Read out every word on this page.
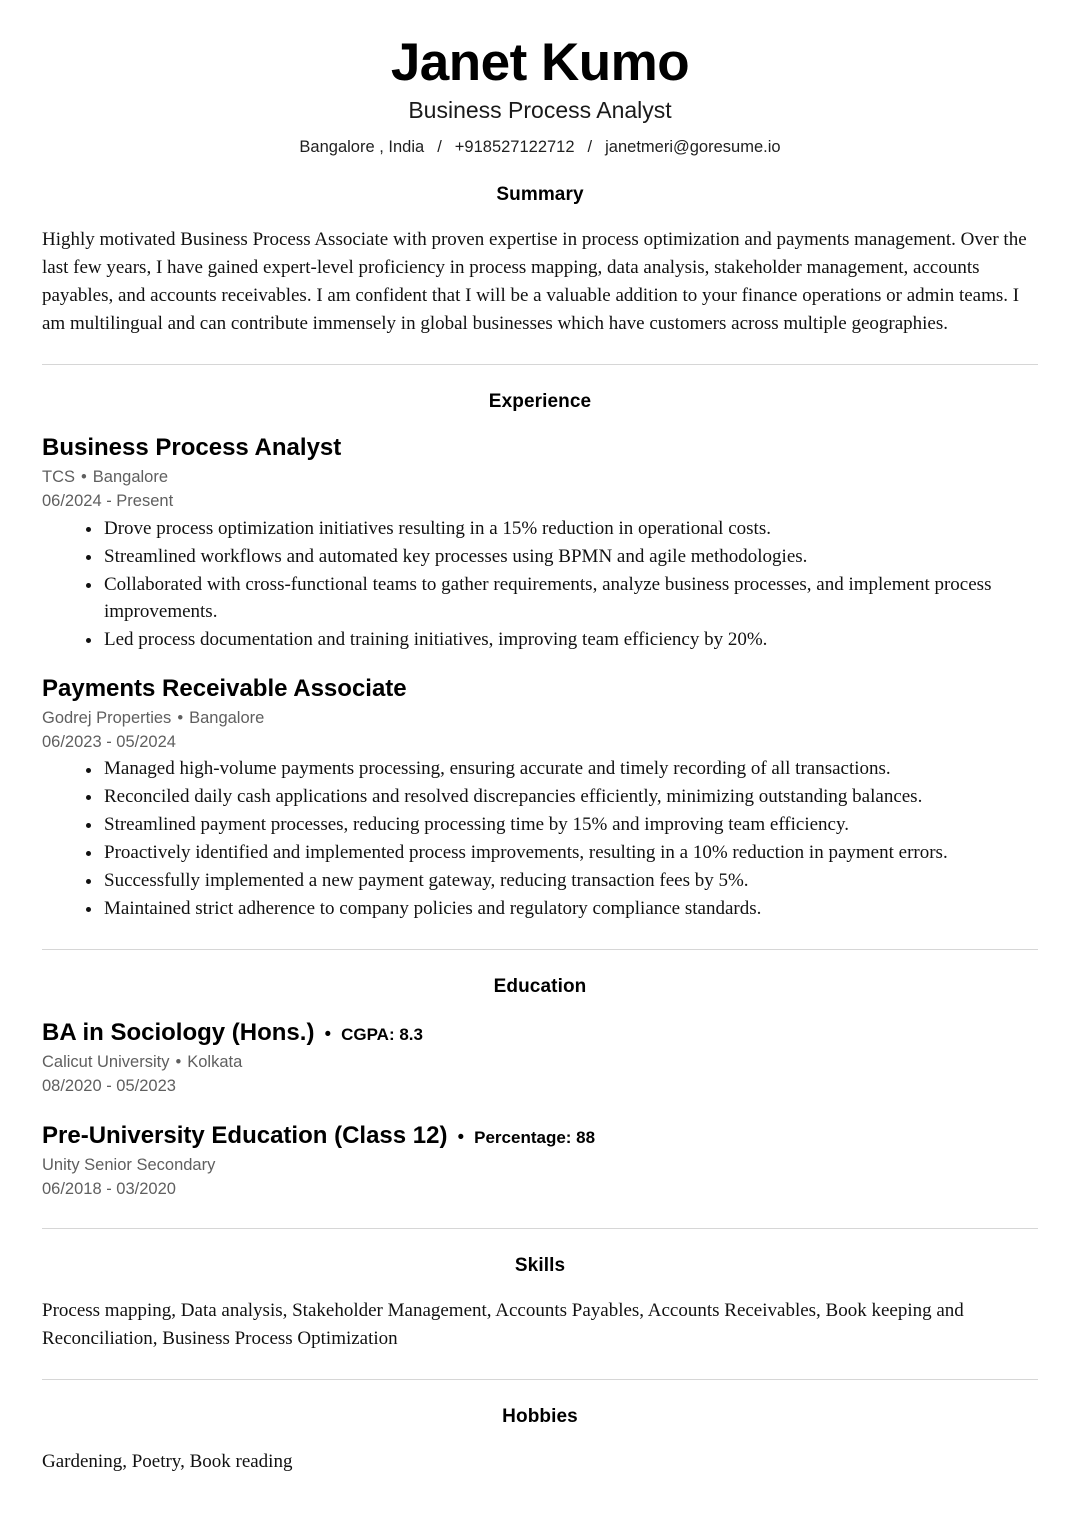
Janet Kumo
Business Process Analyst
Bangalore , India / +918527122712 / janetmeri@goresume.io
Summary

Highly motivated Business Process Associate with proven expertise in process optimization and payments management. Over the last few years, I have gained expert-level proficiency in process mapping, data analysis, stakeholder management, accounts payables, and accounts receivables. I am confident that I will be a valuable addition to your finance operations or admin teams. I am multilingual and can contribute immensely in global businesses which have customers across multiple geographies.

Experience
Business Process Analyst
TCS • Bangalore
06/2024 - Present
Drove process optimization initiatives resulting in a 15% reduction in operational costs.
Streamlined workflows and automated key processes using BPMN and agile methodologies.
Collaborated with cross-functional teams to gather requirements, analyze business processes, and implement process improvements.
Led process documentation and training initiatives, improving team efficiency by 20%.
Payments Receivable Associate
Godrej Properties • Bangalore
06/2023 - 05/2024
Managed high-volume payments processing, ensuring accurate and timely recording of all transactions.
Reconciled daily cash applications and resolved discrepancies efficiently, minimizing outstanding balances.
Streamlined payment processes, reducing processing time by 15% and improving team efficiency.
Proactively identified and implemented process improvements, resulting in a 10% reduction in payment errors.
Successfully implemented a new payment gateway, reducing transaction fees by 5%.
Maintained strict adherence to company policies and regulatory compliance standards.
Education
BA in Sociology (Hons.) • CGPA: 8.3
Calicut University • Kolkata
08/2020 - 05/2023
Pre-University Education (Class 12) • Percentage: 88
Unity Senior Secondary
06/2018 - 03/2020
Skills

Process mapping, Data analysis, Stakeholder Management, Accounts Payables, Accounts Receivables, Book keeping and Reconciliation, Business Process Optimization

Hobbies

Gardening, Poetry, Book reading
